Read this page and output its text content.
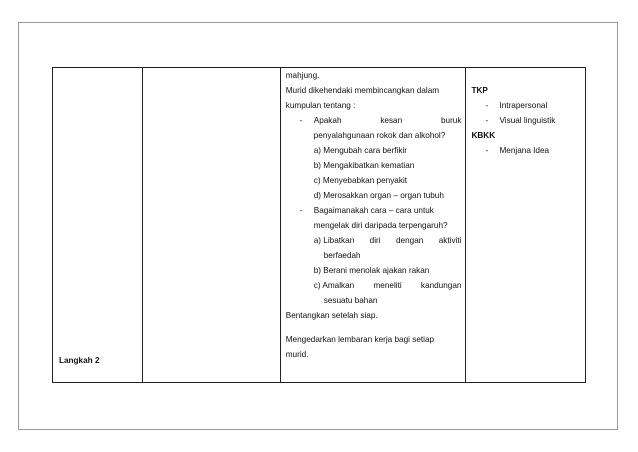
Langkah 2

mahjung.
Murid dikehendaki membincangkan dalam
kumpulan tentang :
- Apakah	kesan	buruk
penyalahgunaan rokok dan alkohol?
a) Mengubah cara berfikir
b) Mengakibatkan kematian
c) Menyebabkan penyakit
d) Merosakkan organ – organ tubuh
- Bagaimanakah cara – cara untuk
mengelak diri daripada terpengaruh?
a) Libatkan diri dengan aktiviti
berfaedah
b) Berani menolak ajakan rakan
c) Amalkan meneliti kandungan
sesuatu bahan
Bentangkan setelah siap.
Mengedarkan lembaran kerja bagi setiap
murid.

TKP
- Intrapersonal
- Visual linguistik
KBKK
- Menjana Idea
